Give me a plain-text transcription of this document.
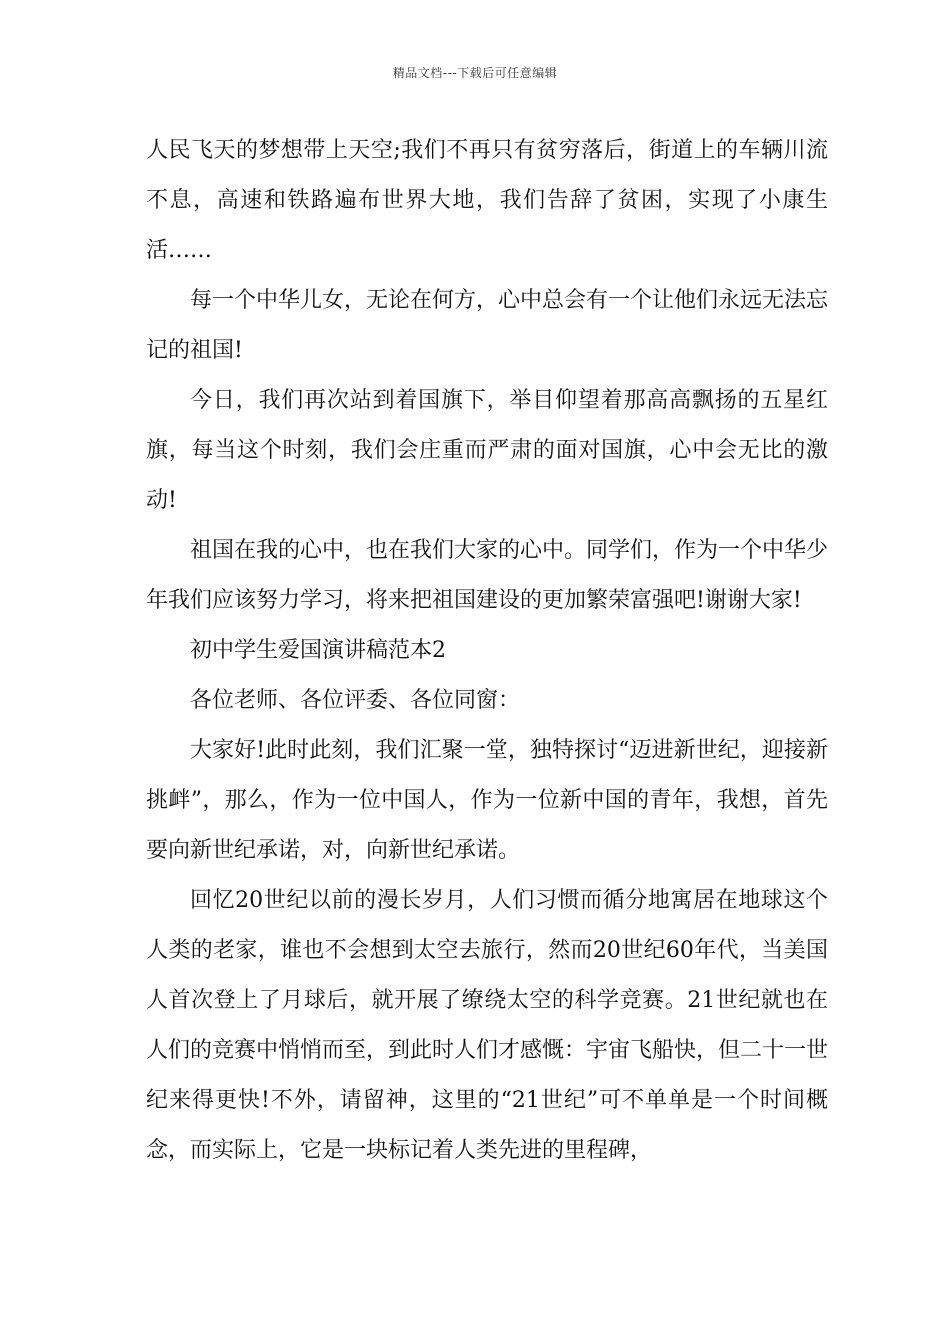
精品文档---下载后可任意编辑

人民飞天的梦想带上天空;我们不再只有贫穷落后，街道上的车辆川流不息，高速和铁路遍布世界大地，我们告辞了贫困，实现了小康生活……

每一个中华儿女，无论在何方，心中总会有一个让他们永远无法忘记的祖国!

今日，我们再次站到着国旗下，举目仰望着那高高飘扬的五星红旗，每当这个时刻，我们会庄重而严肃的面对国旗，心中会无比的激动!

祖国在我的心中，也在我们大家的心中。同学们，作为一个中华少年我们应该努力学习，将来把祖国建设的更加繁荣富强吧!谢谢大家!

初中学生爱国演讲稿范本2

各位老师、各位评委、各位同窗：

大家好!此时此刻，我们汇聚一堂，独特探讨“迈进新世纪，迎接新挑衅”，那么，作为一位中国人，作为一位新中国的青年，我想，首先要向新世纪承诺，对，向新世纪承诺。

回忆20世纪以前的漫长岁月，人们习惯而循分地寓居在地球这个人类的老家，谁也不会想到太空去旅行，然而20世纪60年代，当美国人首次登上了月球后，就开展了缭绕太空的科学竞赛。21世纪就也在人们的竞赛中悄悄而至，到此时人们才感慨：宇宙飞船快，但二十一世纪来得更快!不外，请留神，这里的“21世纪”可不单单是一个时间概念，而实际上，它是一块标记着人类先进的里程碑，
